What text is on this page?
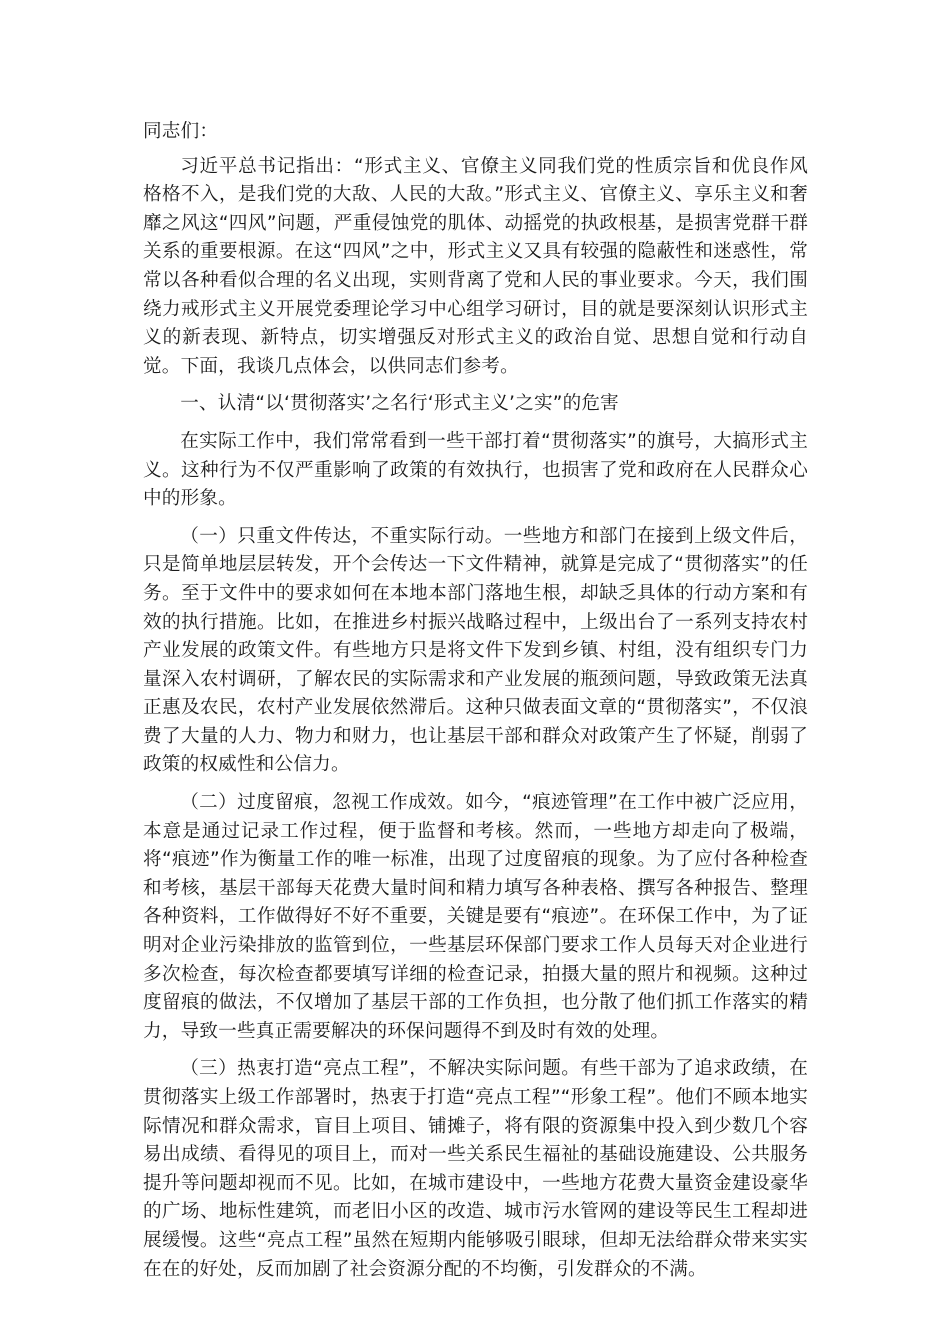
同志们：

习近平总书记指出：“形式主义、官僚主义同我们党的性质宗旨和优良作风格格不入，是我们党的大敌、人民的大敌。”形式主义、官僚主义、享乐主义和奢靡之风这“四风”问题，严重侵蚀党的肌体、动摇党的执政根基，是损害党群干群关系的重要根源。在这“四风”之中，形式主义又具有较强的隐蔽性和迷惑性，常常以各种看似合理的名义出现，实则背离了党和人民的事业要求。今天，我们围绕力戒形式主义开展党委理论学习中心组学习研讨，目的就是要深刻认识形式主义的新表现、新特点，切实增强反对形式主义的政治自觉、思想自觉和行动自觉。下面，我谈几点体会，以供同志们参考。

一、认清“以‘贯彻落实’之名行‘形式主义’之实”的危害

在实际工作中，我们常常看到一些干部打着“贯彻落实”的旗号，大搞形式主义。这种行为不仅严重影响了政策的有效执行，也损害了党和政府在人民群众心中的形象。

（一）只重文件传达，不重实际行动。一些地方和部门在接到上级文件后，只是简单地层层转发，开个会传达一下文件精神，就算是完成了“贯彻落实”的任务。至于文件中的要求如何在本地本部门落地生根，却缺乏具体的行动方案和有效的执行措施。比如，在推进乡村振兴战略过程中，上级出台了一系列支持农村产业发展的政策文件。有些地方只是将文件下发到乡镇、村组，没有组织专门力量深入农村调研，了解农民的实际需求和产业发展的瓶颈问题，导致政策无法真正惠及农民，农村产业发展依然滞后。这种只做表面文章的“贯彻落实”，不仅浪费了大量的人力、物力和财力，也让基层干部和群众对政策产生了怀疑，削弱了政策的权威性和公信力。

（二）过度留痕，忽视工作成效。如今，“痕迹管理”在工作中被广泛应用，本意是通过记录工作过程，便于监督和考核。然而，一些地方却走向了极端，将“痕迹”作为衡量工作的唯一标准，出现了过度留痕的现象。为了应付各种检查和考核，基层干部每天花费大量时间和精力填写各种表格、撰写各种报告、整理各种资料，工作做得好不好不重要，关键是要有“痕迹”。在环保工作中，为了证明对企业污染排放的监管到位，一些基层环保部门要求工作人员每天对企业进行多次检查，每次检查都要填写详细的检查记录，拍摄大量的照片和视频。这种过度留痕的做法，不仅增加了基层干部的工作负担，也分散了他们抓工作落实的精力，导致一些真正需要解决的环保问题得不到及时有效的处理。

（三）热衷打造“亮点工程”，不解决实际问题。有些干部为了追求政绩，在贯彻落实上级工作部署时，热衷于打造“亮点工程”“形象工程”。他们不顾本地实际情况和群众需求，盲目上项目、铺摊子，将有限的资源集中投入到少数几个容易出成绩、看得见的项目上，而对一些关系民生福祉的基础设施建设、公共服务提升等问题却视而不见。比如，在城市建设中，一些地方花费大量资金建设豪华的广场、地标性建筑，而老旧小区的改造、城市污水管网的建设等民生工程却进展缓慢。这些“亮点工程”虽然在短期内能够吸引眼球，但却无法给群众带来实实在在的好处，反而加剧了社会资源分配的不均衡，引发群众的不满。
